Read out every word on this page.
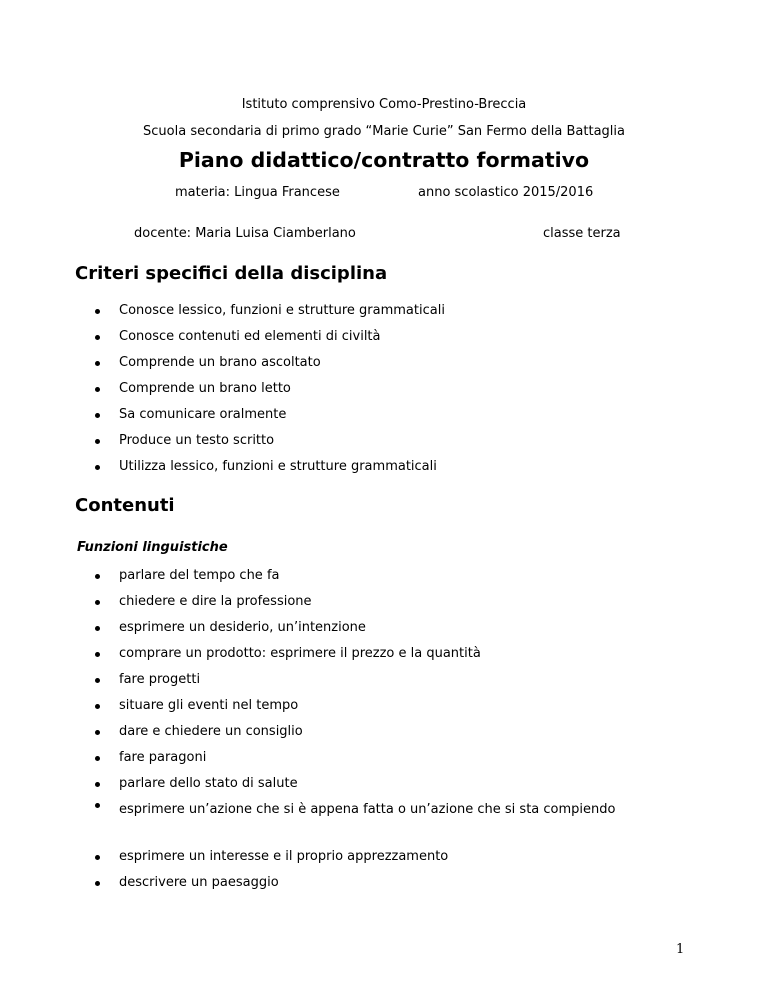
Istituto comprensivo Como-Prestino-Breccia
Scuola secondaria di primo grado “Marie Curie” San Fermo della Battaglia
Piano didattico/contratto formativo
materia: Lingua Francese	anno scolastico 2015/2016
docente: Maria Luisa Ciamberlano	classe terza
Criteri specifici della disciplina
Conosce lessico, funzioni e strutture grammaticali
Conosce contenuti ed elementi di civiltà
Comprende un brano ascoltato
Comprende un brano letto
Sa comunicare oralmente
Produce un testo scritto
Utilizza lessico, funzioni e strutture grammaticali
Contenuti
Funzioni linguistiche
parlare del tempo che fa
chiedere e dire la professione
esprimere un desiderio, un’intenzione
comprare un prodotto: esprimere il prezzo e la quantità
fare progetti
situare gli eventi nel tempo
dare e chiedere un consiglio
fare paragoni
parlare dello stato di salute
esprimere un’azione che si è appena fatta o un’azione che si sta compiendo
esprimere un interesse e il proprio apprezzamento
descrivere un paesaggio
1
